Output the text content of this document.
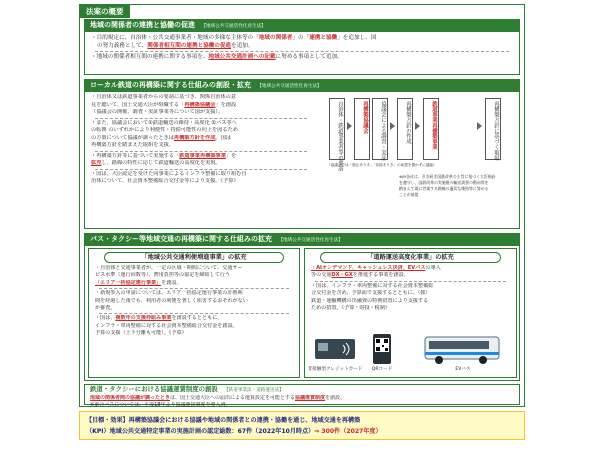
法案の概要
地域の関係者の連携と協働の促進 【地域公共交通活性化再生法】
・目的規定に、自治体・公共交通事業者・地域の多様な主体等の「地域の関係者」の「連携と協働」を追加し、国
の努力義務として、関係者相互間の連携と協働の促進を追加。
・地域の関係者相互間の連携に関する事項を、地域公共交通計画への記載に努める事項として追加。
ローカル鉄道の再構築に関する仕組みの創設・拡充 【地域公共交通活性化再生法】
・自治体又は鉄道事業者からの要請に基づき、関係自治体の意
見を聴いて、国土交通大臣が組織する「再構築協議会」を創設
（協議会の開催、調査・実証事業等について国が支援）。
・また、協議会において①鉄道輸送の維持・高度化 ②バス等へ
の転換 のいずれかにより利便性・持続可能性の向上を図るため
の方策について協議が調ったときは再構築方針を作成。国は
再構築方針を踏まえた取組を支援。
・再構築方針等に基づいて実施する「鉄道事業再構築事業」を
拡充し、路線の特性に応じて鉄道輸送の高度化を実現。
・国は、大臣認定を受けた同事業によるインフラ整備に取り組む自
治体について、社会資本整備総合交付金等により支援。《予算》
自治体・鉄道事業者等の要請	再構築協議会	協議会による調査・実証	再構築方針の作成	鉄道事業再構築事業	再構築方針に基づく取組
（協議会では「廃止ありき」「存続ありき」の前提を置かずに議論）
※JR各社は、引き続き国鉄改革の主旨に基づく大臣指針
を遵守し、国鉄改革の実施後の輸送需要の動向等を
踏まえて現に営業する路線の適切な維持等に努める
ことが前提
バス・タクシー等地域交通の再構築に関する仕組みの拡充 【地域公共交通活性化再生法】
「地域公共交通利便増進事業」の拡充
・自治体と交通事業者が、一定の区域・期間について、交通サー
ビス水準（運行回数等）、費用負担等の協定を締結して行う
「エリア一括協定運行事業」を創設。
・新規参入の申請については、エリア一括協定運行事業の計画期
間を経過した後でも、利用者の利便を著しく阻害するおそれがない
か審査。
・国は、複数年の支援枠組み事業を創設するとともに、
インフラ・車両整備に対する社会資本整備総合交付金を創設。
予算の支援（上下分離も可能）。《予算》
「道路運送高度化事業」の拡充
・AIオンデマンド、キャッシュレス決済、EVバスの導入
等の交通DX・GXを推進する事業を創設。
・国は、インフラ・車両整備に対する社会資本整備総
合交付金を含め、予算面で支援するとともに、（独）
鉄道・運輸機構の出融資の特例措置により支援する
ための措置。《予算・財投・税制》
非接触型クレジットカード	QRコード	EVバス
鉄道・タクシーにおける協議運賃制度の創設 【鉄道事業法・道路運送法】
地域の関係者間の協議が調ったときは、国土交通大臣への届出による運賃設定を可能とする協議運賃制度を創設。
※乗合バスについては、平成18年より協議運賃制度を導入済。
【目標・効果】再構築協議会における協議や地域の関係者との連携・協働を通じ、地域交通を再構築
（KPI）地域公共交通特定事業の実施計画の認定総数：67件（2022年10月時点）⇒ 300件（2027年度）
